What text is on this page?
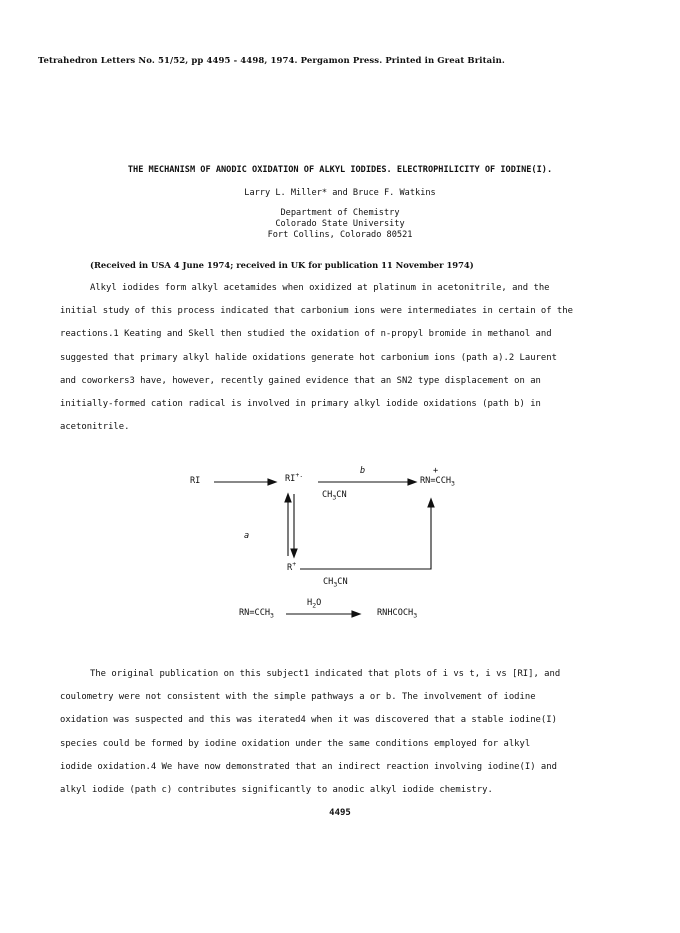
Tetrahedron Letters No. 51/52, pp 4495 - 4498, 1974. Pergamon Press. Printed in Great Britain.
THE MECHANISM OF ANODIC OXIDATION OF ALKYL IODIDES. ELECTROPHILICITY OF IODINE(I).
Larry L. Miller* and Bruce F. Watkins
Department of Chemistry
Colorado State University
Fort Collins, Colorado 80521
(Received in USA 4 June 1974; received in UK for publication 11 November 1974)
Alkyl iodides form alkyl acetamides when oxidized at platinum in acetonitrile, and the
initial study of this process indicated that carbonium ions were intermediates in certain of the
reactions.1 Keating and Skell then studied the oxidation of n-propyl bromide in methanol and
suggested that primary alkyl halide oxidations generate hot carbonium ions (path a).2 Laurent
and coworkers3 have, however, recently gained evidence that an SN2 type displacement on an
initially-formed cation radical is involved in primary alkyl iodide oxidations (path b) in
acetonitrile.
RI	RI+.
$RN=CCH_3$
+
b
$CH_3CN$
a
R+
$CH_3CN$
$RN=CCH_3$
$H_2O$
$RNHCOCH_3$
The original publication on this subject1 indicated that plots of i vs t, i vs [RI], and
coulometry were not consistent with the simple pathways a or b. The involvement of iodine
oxidation was suspected and this was iterated4 when it was discovered that a stable iodine(I)
species could be formed by iodine oxidation under the same conditions employed for alkyl
iodide oxidation.4 We have now demonstrated that an indirect reaction involving iodine(I) and
alkyl iodide (path c) contributes significantly to anodic alkyl iodide chemistry.
4495
